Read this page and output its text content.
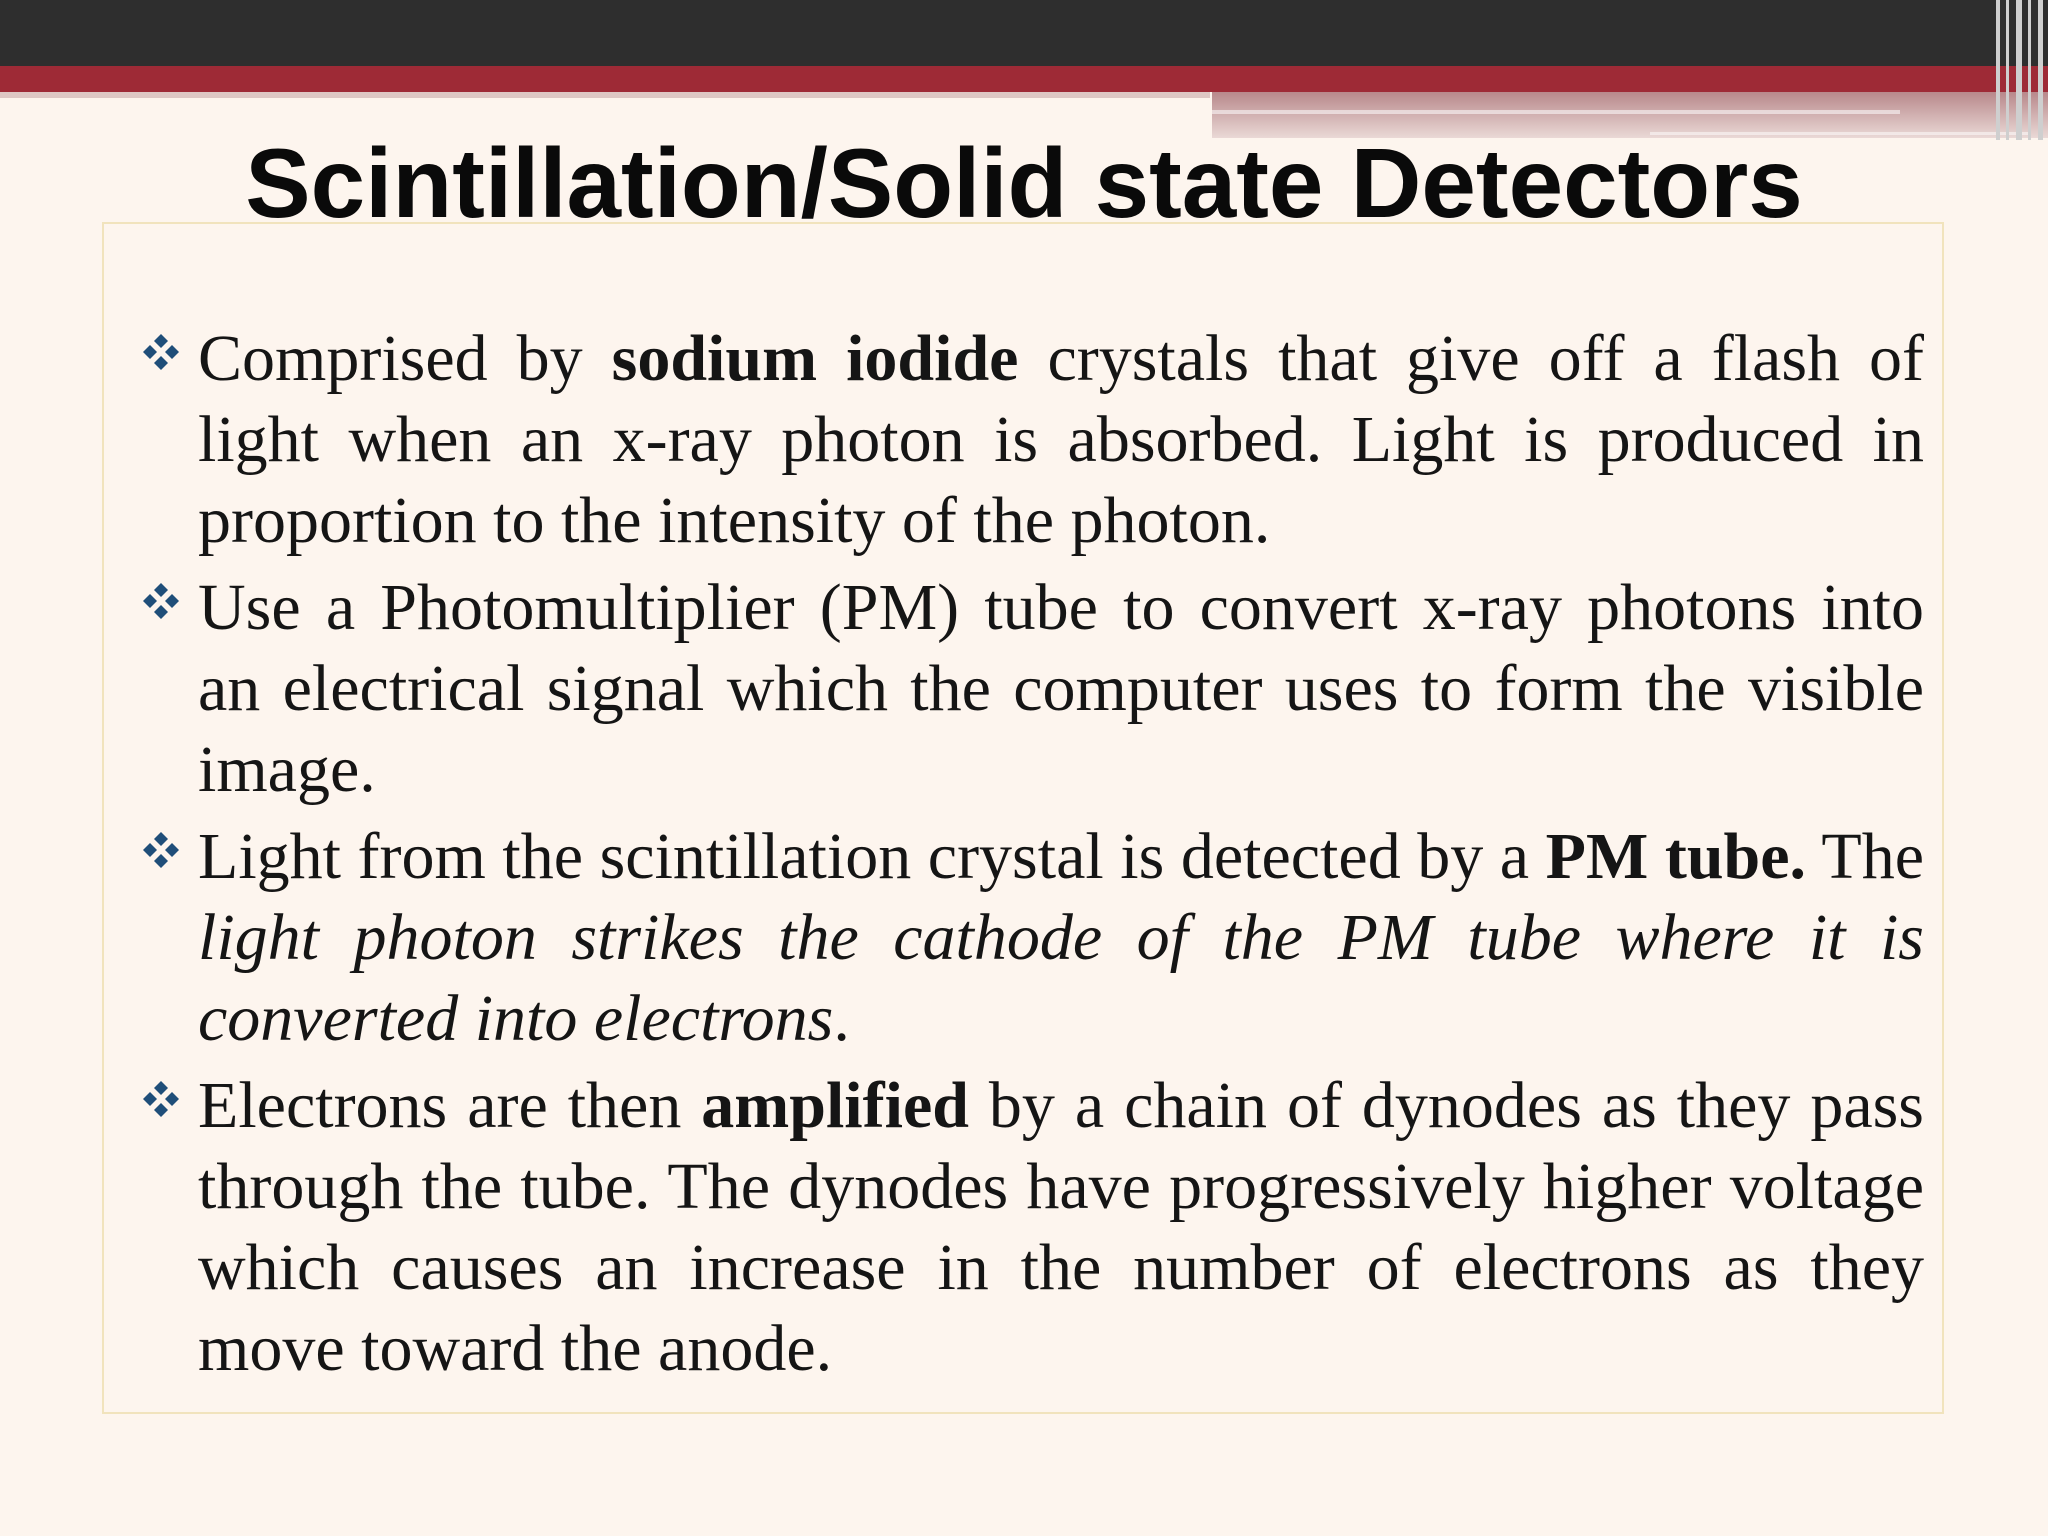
Scintillation/Solid state Detectors
Comprised by sodium iodide crystals that give off a flash of light when an x-ray photon is absorbed. Light is produced in proportion to the intensity of the photon.
Use a Photomultiplier (PM) tube to convert x-ray photons into an electrical signal which the computer uses to form the visible image.
Light from the scintillation crystal is detected by a PM tube. The light photon strikes the cathode of the PM tube where it is converted into electrons.
Electrons are then amplified by a chain of dynodes as they pass through the tube. The dynodes have progressively higher voltage which causes an increase in the number of electrons as they move toward the anode.
